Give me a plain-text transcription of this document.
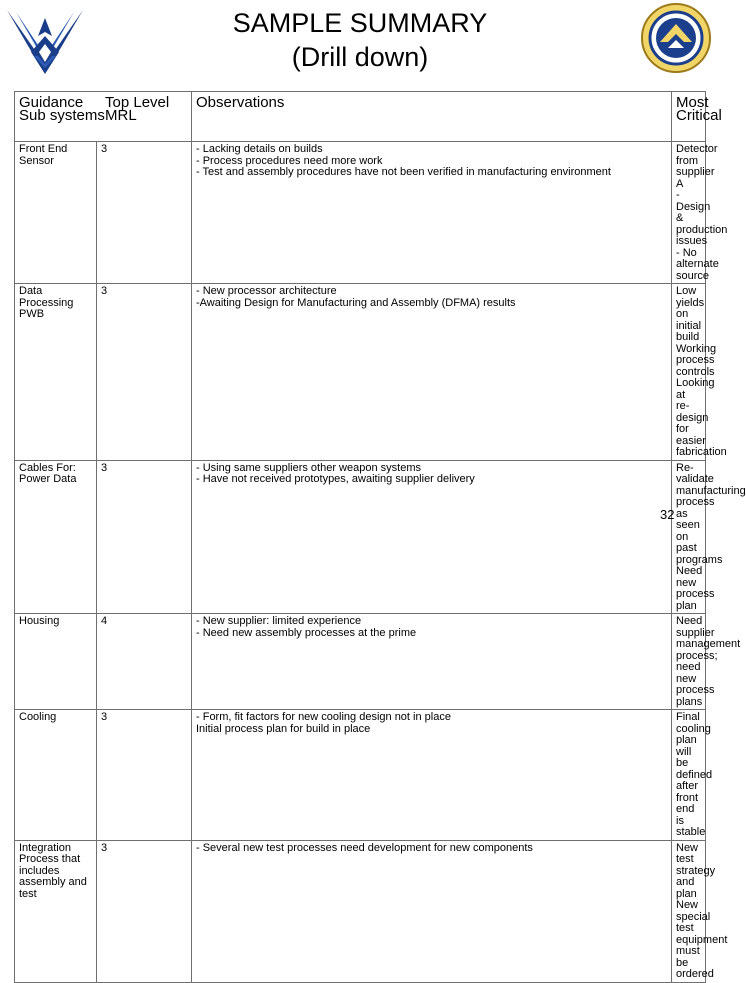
SAMPLE SUMMARY
(Drill down)
Guidance Sub systems
Top Level MRL		Observations	Most Critical
Front End Sensor	3	- Lacking details on builds
- Process procedures need more work
- Test and assembly procedures have not been verified in manufacturing environment	Detector from supplier A
- Design & production issues
- No alternate source

Data Processing PWB	3	- New processor architecture
-Awaiting Design for Manufacturing and Assembly (DFMA) results	Low yields on initial build
Working process controls
Looking at re-design for easier fabrication

Cables For: Power Data	3	- Using same suppliers other weapon systems
- Have not received prototypes, awaiting supplier delivery	Re-validate manufacturing process as seen on past programs
Need new process plan

Housing	4	- New supplier: limited experience
- Need new assembly processes at the prime	Need supplier management process; need new process plans

Cooling	3	- Form, fit factors for new cooling design not in place
Initial process plan for build in place	Final cooling plan will be defined after front end is stable

Integration Process that includes assembly and test	3	- Several new test processes need development for new components	New test strategy and plan
New special test equipment must be ordered
32
